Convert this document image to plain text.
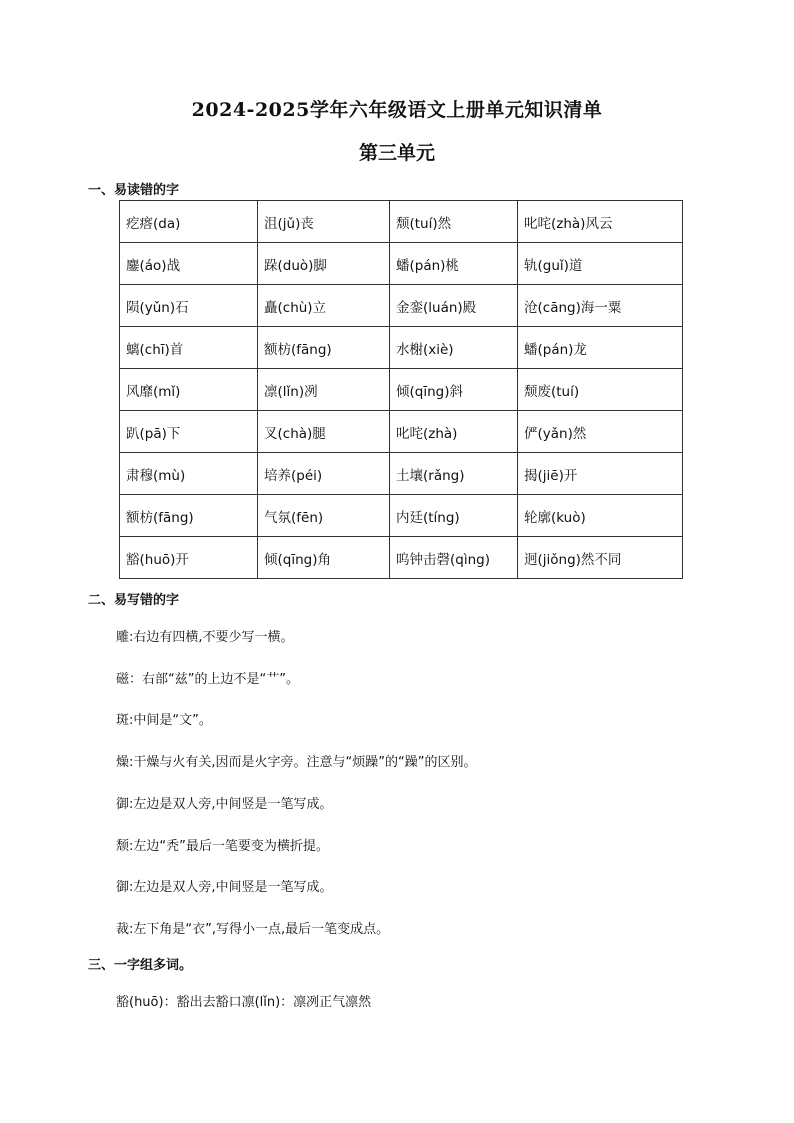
2024-2025学年六年级语文上册单元知识清单
第三单元
一、易读错的字
疙瘩(da)	沮(jǔ)丧	颓(tuí)然	叱咤(zhà)风云
鏖(áo)战	跺(duò)脚	蟠(pán)桃	轨(guǐ)道
陨(yǔn)石	矗(chù)立	金銮(luán)殿	沧(cāng)海一粟
螭(chī)首	额枋(fāng)	水榭(xiè)	蟠(pán)龙
风靡(mǐ)	凛(lǐn)冽	倾(qīng)斜	颓废(tuí)
趴(pā)下	叉(chà)腿	叱咤(zhà)	俨(yǎn)然
肃穆(mù)	培养(péi)	土壤(rǎng)	揭(jiē)开
额枋(fāng)	气氛(fēn)	内廷(tíng)	轮廓(kuò)
豁(huō)开	倾(qīng)角	呜钟击磬(qìng)	迥(jiǒng)然不同
二、易写错的字
雕:右边有四横,不要少写一横。
磁：右部“兹”的上边不是“艹”。
斑:中间是“文”。
燥:干燥与火有关,因而是火字旁。注意与“烦躁”的“躁”的区别。
御:左边是双人旁,中间竖是一笔写成。
颓:左边“秃”最后一笔要变为横折提。
御:左边是双人旁,中间竖是一笔写成。
裁:左下角是“衣”,写得小一点,最后一笔变成点。
三、一字组多词。
豁(huō)：豁出去豁口凛(lǐn)：凛冽正气凛然
